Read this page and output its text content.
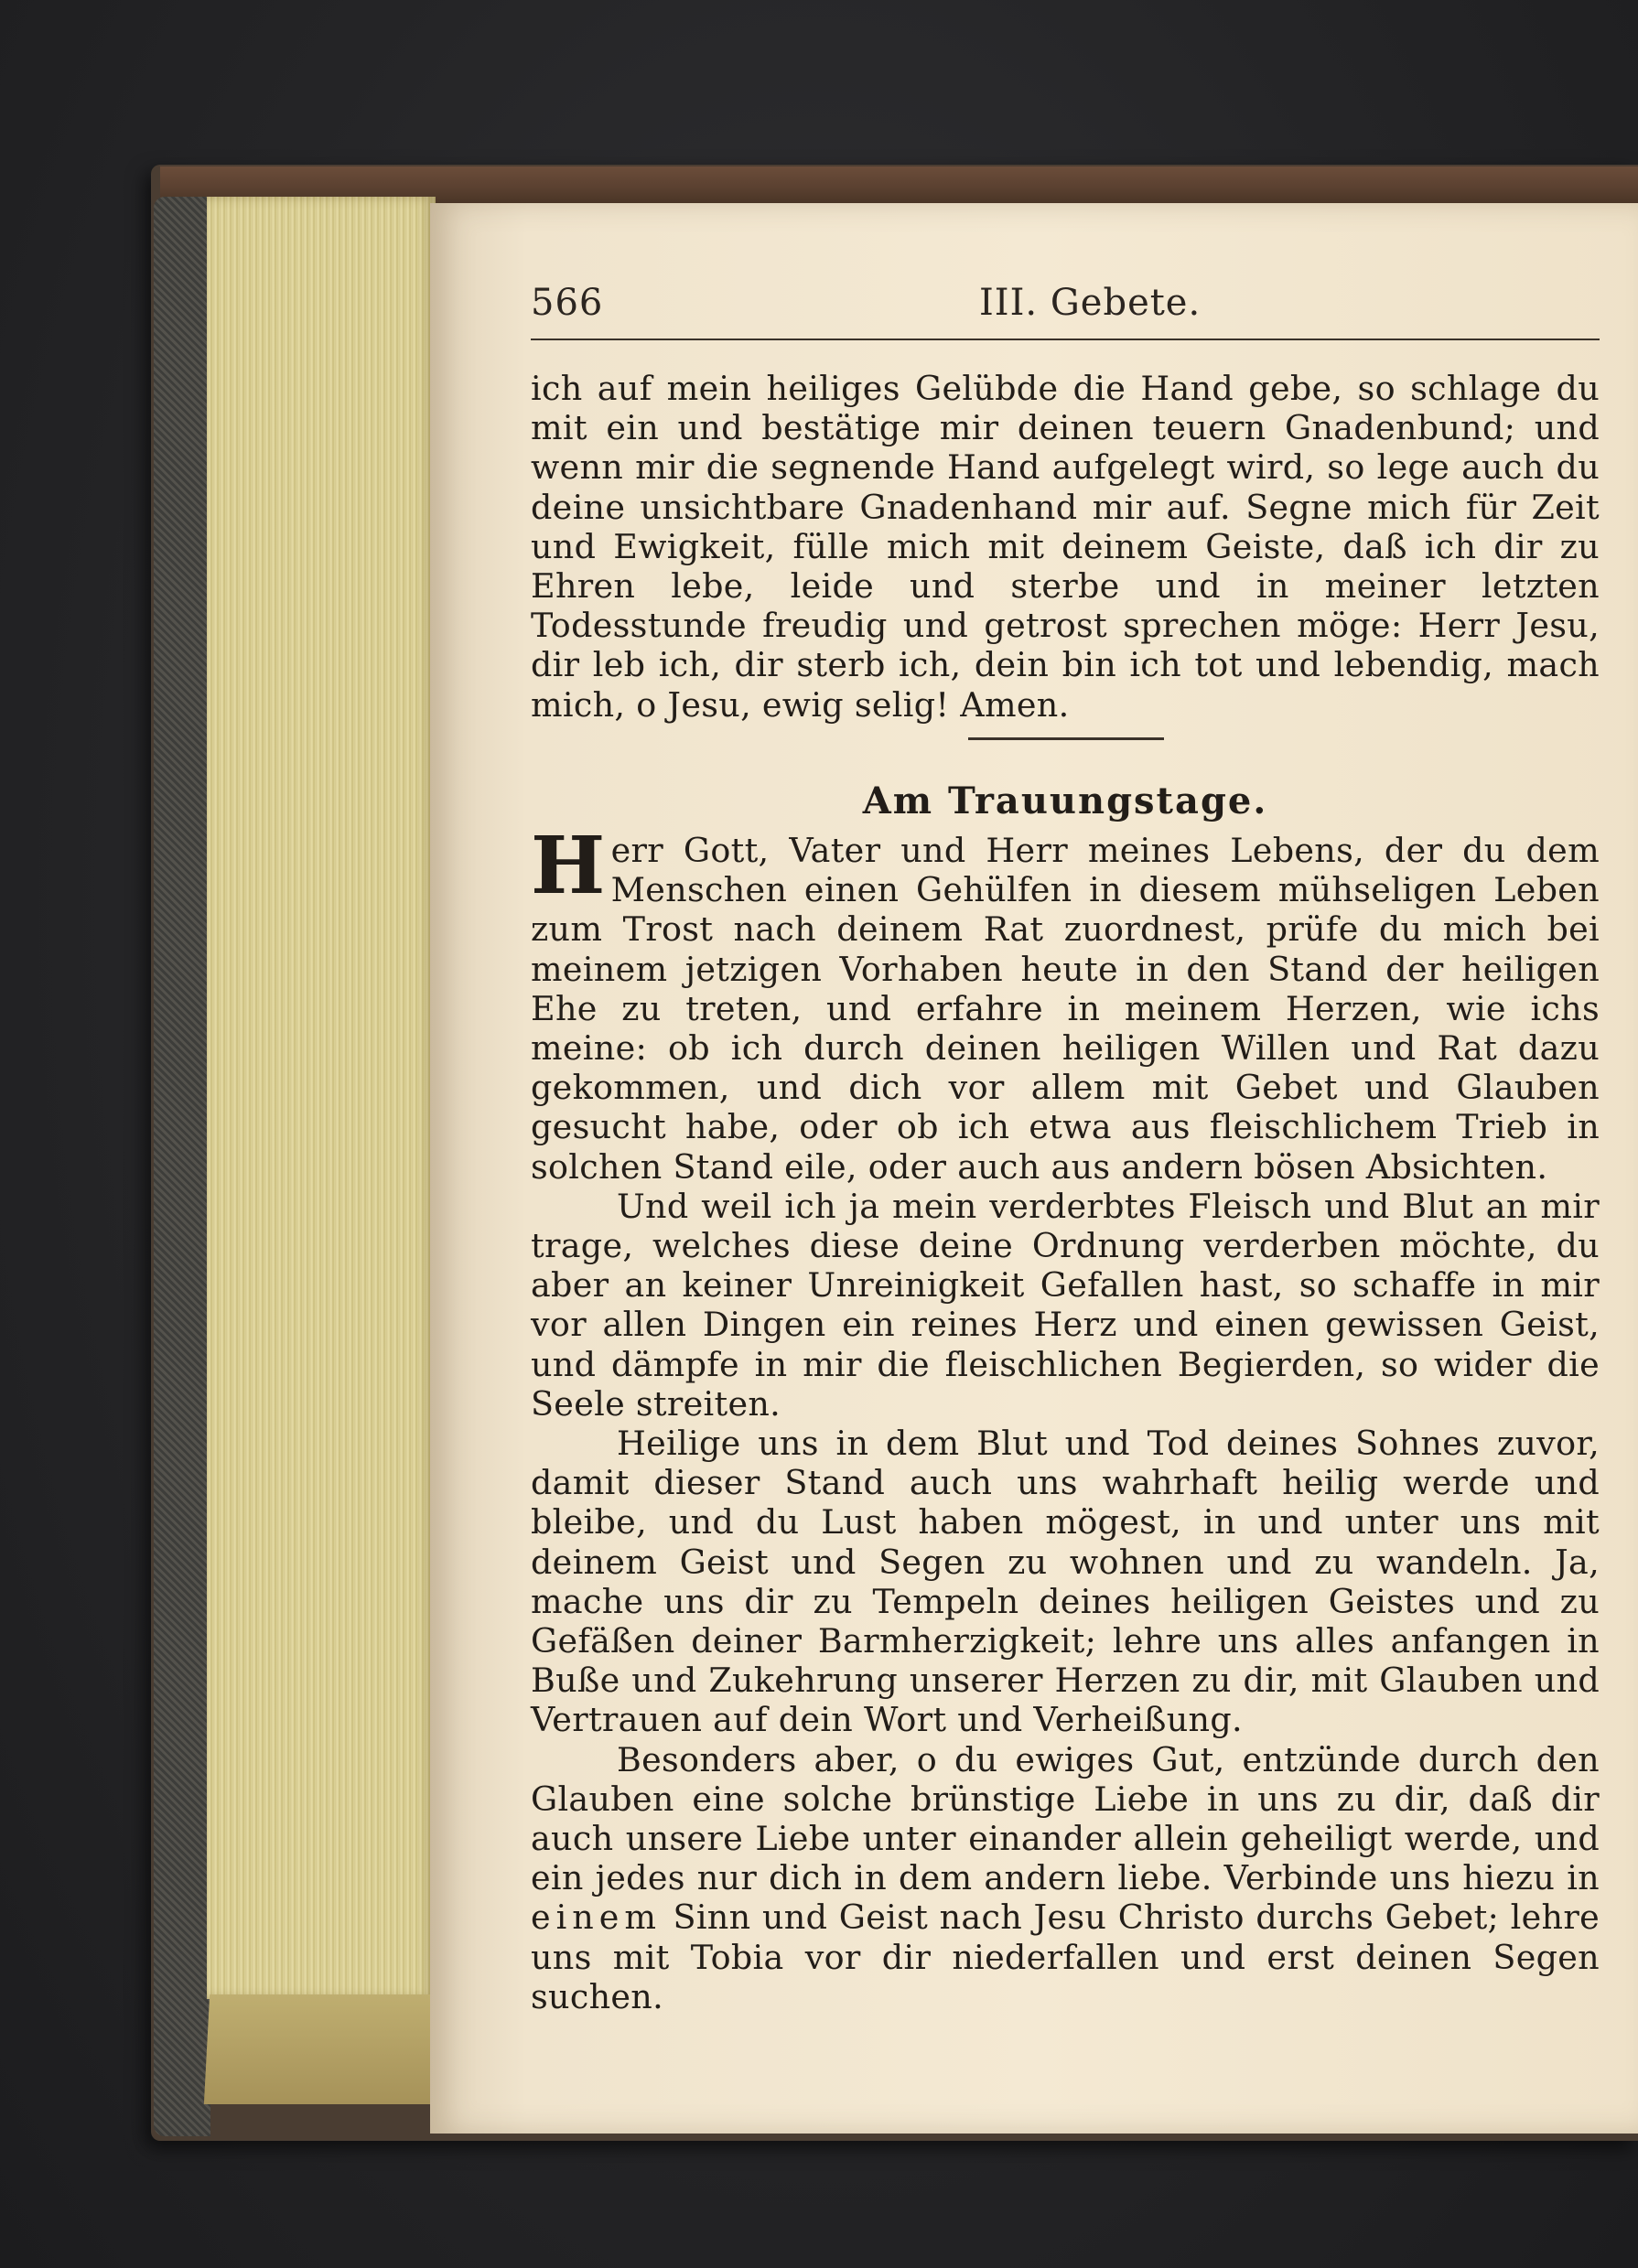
566	III. Gebete.

ich auf mein heiliges Gelübde die Hand gebe, so schlage du mit ein und bestätige mir deinen teuern Gnadenbund; und wenn mir die segnende Hand aufgelegt wird, so lege auch du deine unsichtbare Gnadenhand mir auf. Segne mich für Zeit und Ewigkeit, fülle mich mit deinem Geiste, daß ich dir zu Ehren lebe, leide und sterbe und in meiner letzten Todesstunde freudig und getrost sprechen möge: Herr Jesu, dir leb ich, dir sterb ich, dein bin ich tot und lebendig, mach mich, o Jesu, ewig selig! Amen.

Am Trauungstage.

Herr Gott, Vater und Herr meines Lebens, der du dem Menschen einen Gehülfen in diesem mühseligen Leben zum Trost nach deinem Rat zuordnest, prüfe du mich bei meinem jetzigen Vorhaben heute in den Stand der heiligen Ehe zu treten, und erfahre in meinem Herzen, wie ichs meine: ob ich durch deinen heiligen Willen und Rat dazu gekommen, und dich vor allem mit Gebet und Glauben gesucht habe, oder ob ich etwa aus fleischlichem Trieb in solchen Stand eile, oder auch aus andern bösen Absichten.

Und weil ich ja mein verderbtes Fleisch und Blut an mir trage, welches diese deine Ordnung verderben möchte, du aber an keiner Unreinigkeit Gefallen hast, so schaffe in mir vor allen Dingen ein reines Herz und einen gewissen Geist, und dämpfe in mir die fleischlichen Begierden, so wider die Seele streiten.

Heilige uns in dem Blut und Tod deines Sohnes zuvor, damit dieser Stand auch uns wahrhaft heilig werde und bleibe, und du Lust haben mögest, in und unter uns mit deinem Geist und Segen zu wohnen und zu wandeln. Ja, mache uns dir zu Tempeln deines heiligen Geistes und zu Gefäßen deiner Barmherzigkeit; lehre uns alles anfangen in Buße und Zukehrung unserer Herzen zu dir, mit Glauben und Vertrauen auf dein Wort und Verheißung.

Besonders aber, o du ewiges Gut, entzünde durch den Glauben eine solche brünstige Liebe in uns zu dir, daß dir auch unsere Liebe unter einander allein geheiligt werde, und ein jedes nur dich in dem andern liebe. Verbinde uns hiezu in einem Sinn und Geist nach Jesu Christo durchs Gebet; lehre uns mit Tobia vor dir niederfallen und erst deinen Segen suchen.
